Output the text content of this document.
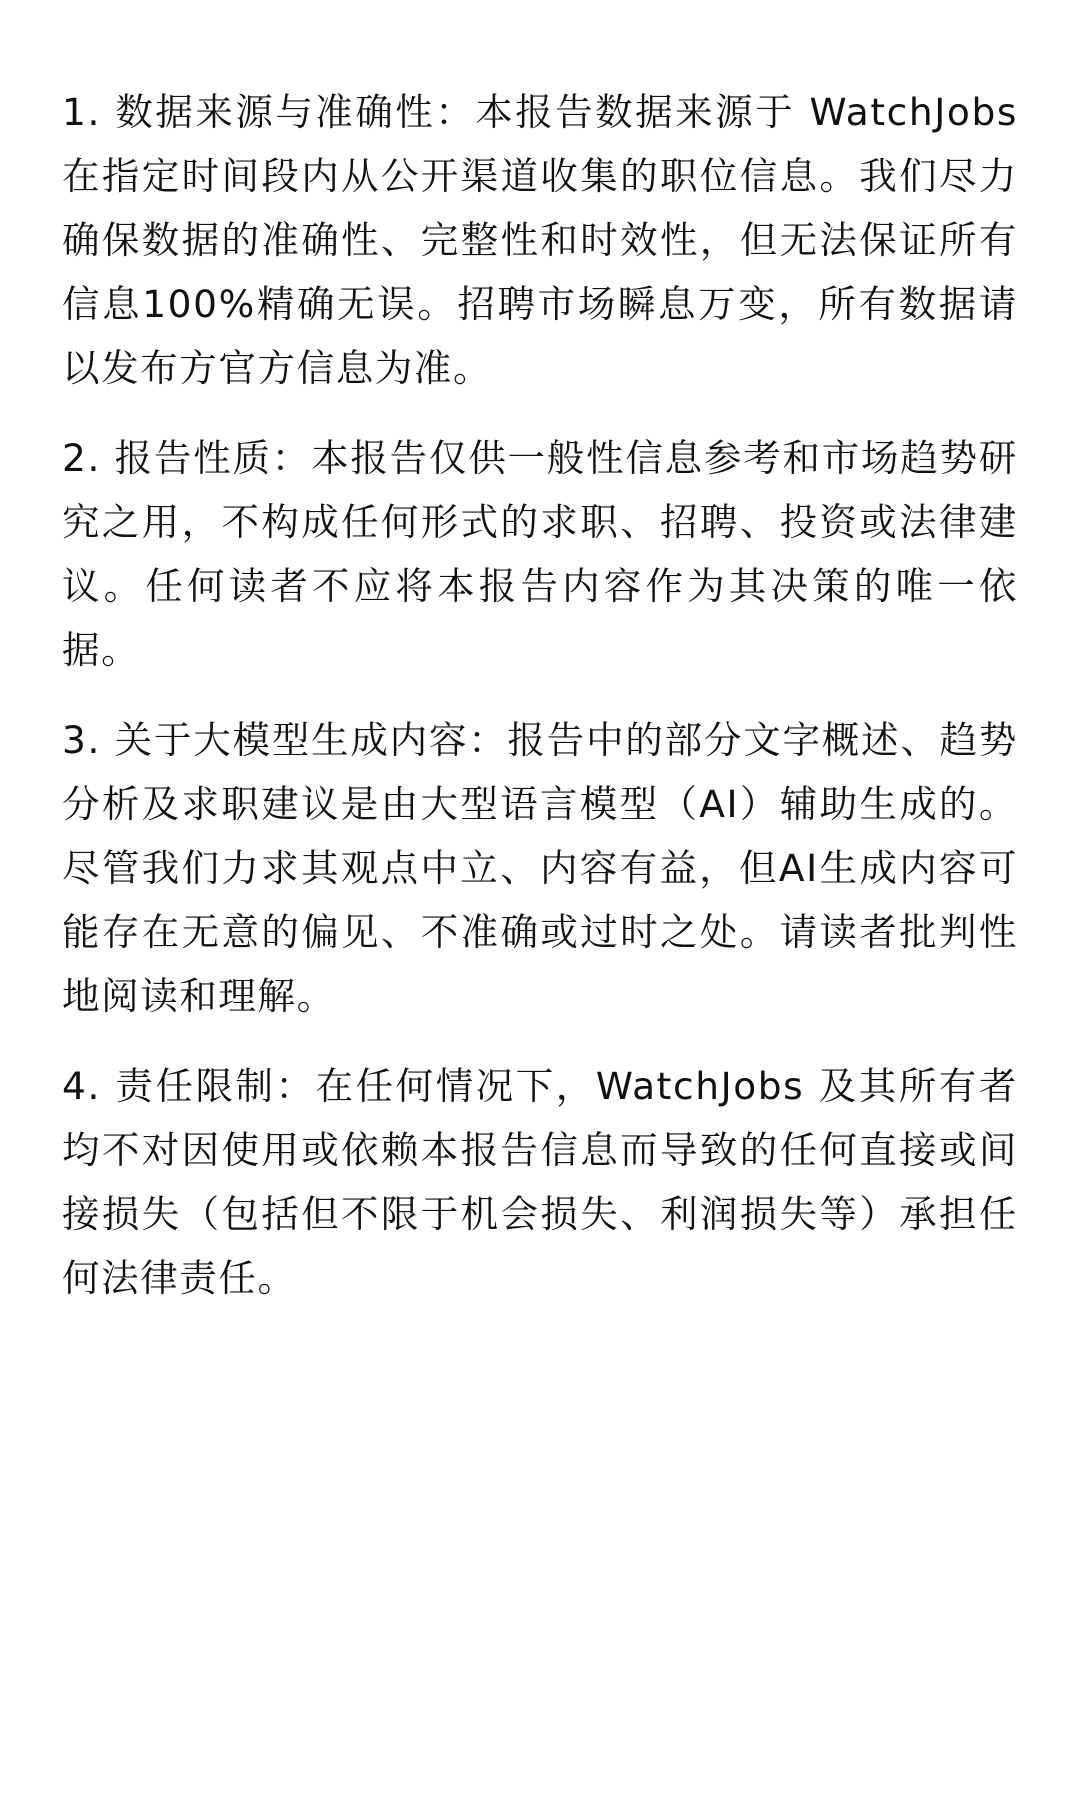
1. 数据来源与准确性：本报告数据来源于 WatchJobs 在指定时间段内从公开渠道收集的职位信息。我们尽力确保数据的准确性、完整性和时效性，但无法保证所有信息100%精确无误。招聘市场瞬息万变，所有数据请以发布方官方信息为准。

2. 报告性质：本报告仅供一般性信息参考和市场趋势研究之用，不构成任何形式的求职、招聘、投资或法律建议。任何读者不应将本报告内容作为其决策的唯一依据。

3. 关于大模型生成内容：报告中的部分文字概述、趋势分析及求职建议是由大型语言模型（AI）辅助生成的。尽管我们力求其观点中立、内容有益，但AI生成内容可能存在无意的偏见、不准确或过时之处。请读者批判性地阅读和理解。

4. 责任限制：在任何情况下，WatchJobs 及其所有者均不对因使用或依赖本报告信息而导致的任何直接或间接损失（包括但不限于机会损失、利润损失等）承担任何法律责任。
